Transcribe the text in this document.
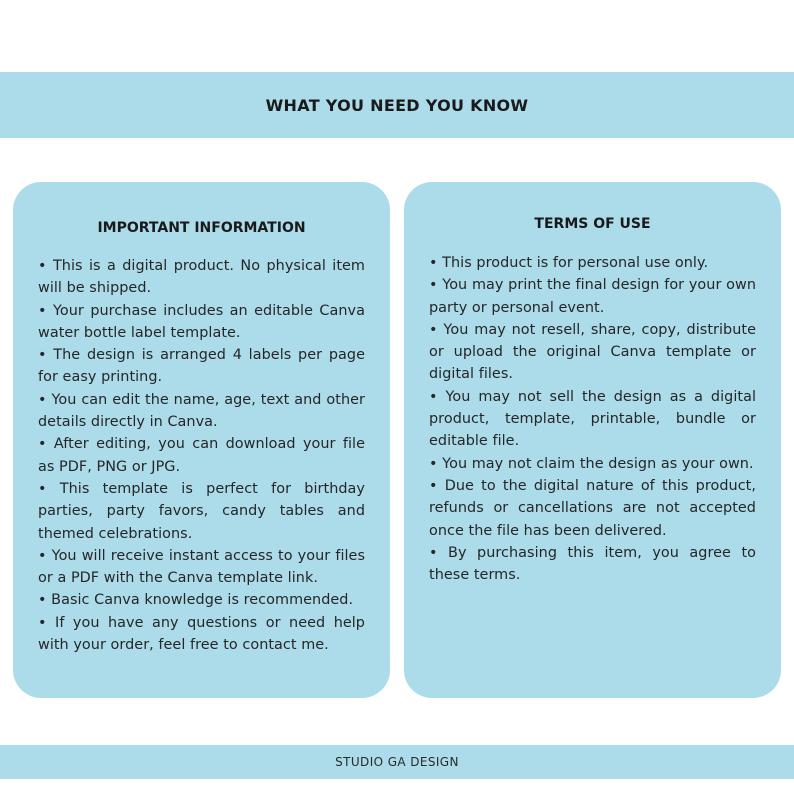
WHAT YOU NEED YOU KNOW
IMPORTANT INFORMATION
• This is a digital product. No physical item will be shipped.
• Your purchase includes an editable Canva water bottle label template.
• The design is arranged 4 labels per page for easy printing.
• You can edit the name, age, text and other details directly in Canva.
• After editing, you can download your file as PDF, PNG or JPG.
• This template is perfect for birthday parties, party favors, candy tables and themed celebrations.
• You will receive instant access to your files or a PDF with the Canva template link.
• Basic Canva knowledge is recommended.
• If you have any questions or need help with your order, feel free to contact me.
TERMS OF USE
• This product is for personal use only.
• You may print the final design for your own party or personal event.
• You may not resell, share, copy, distribute or upload the original Canva template or digital files.
• You may not sell the design as a digital product, template, printable, bundle or editable file.
• You may not claim the design as your own.
• Due to the digital nature of this product, refunds or cancellations are not accepted once the file has been delivered.
• By purchasing this item, you agree to these terms.
STUDIO GA DESIGN
